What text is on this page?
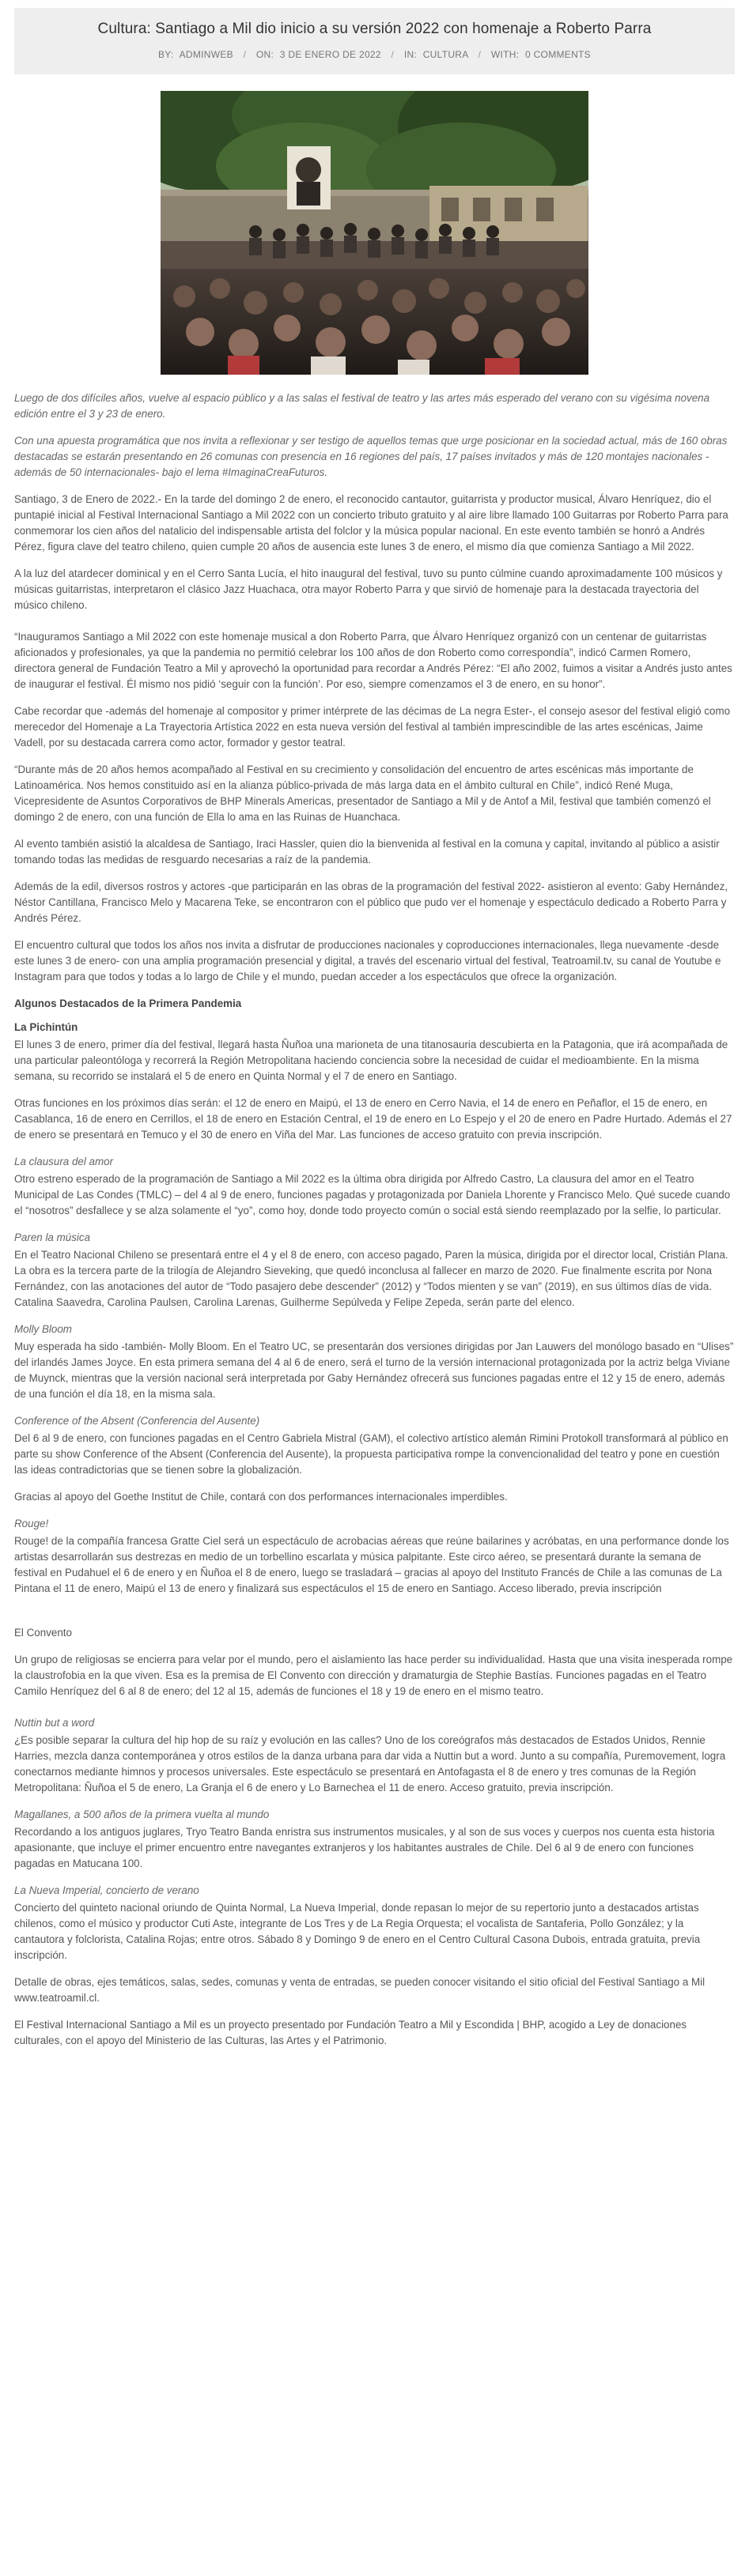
Cultura: Santiago a Mil dio inicio a su versión 2022 con homenaje a Roberto Parra
BY: ADMINWEB / ON: 3 DE ENERO DE 2022 / IN: CULTURA / WITH: 0 COMMENTS

Luego de dos difíciles años, vuelve al espacio público y a las salas el festival de teatro y las artes más esperado del verano con su vigésima novena edición entre el 3 y 23 de enero.

Con una apuesta programática que nos invita a reflexionar y ser testigo de aquellos temas que urge posicionar en la sociedad actual, más de 160 obras destacadas se estarán presentando en 26 comunas con presencia en 16 regiones del país, 17 países invitados y más de 120 montajes nacionales -además de 50 internacionales- bajo el lema #ImaginaCreaFuturos.

Santiago, 3 de Enero de 2022.- En la tarde del domingo 2 de enero, el reconocido cantautor, guitarrista y productor musical, Álvaro Henríquez, dio el puntapié inicial al Festival Internacional Santiago a Mil 2022 con un concierto tributo gratuito y al aire libre llamado 100 Guitarras por Roberto Parra para conmemorar los cien años del natalicio del indispensable artista del folclor y la música popular nacional. En este evento también se honró a Andrés Pérez, figura clave del teatro chileno, quien cumple 20 años de ausencia este lunes 3 de enero, el mismo día que comienza Santiago a Mil 2022.

A la luz del atardecer dominical y en el Cerro Santa Lucía, el hito inaugural del festival, tuvo su punto cúlmine cuando aproximadamente 100 músicos y músicas guitarristas, interpretaron el clásico Jazz Huachaca, otra mayor Roberto Parra y que sirvió de homenaje para la destacada trayectoria del músico chileno.

“Inauguramos Santiago a Mil 2022 con este homenaje musical a don Roberto Parra, que Álvaro Henríquez organizó con un centenar de guitarristas aficionados y profesionales, ya que la pandemia no permitió celebrar los 100 años de don Roberto como correspondía”, indicó Carmen Romero, directora general de Fundación Teatro a Mil y aprovechó la oportunidad para recordar a Andrés Pérez: “El año 2002, fuimos a visitar a Andrés justo antes de inaugurar el festival. Él mismo nos pidió ‘seguir con la función’. Por eso, siempre comenzamos el 3 de enero, en su honor”.

Cabe recordar que -además del homenaje al compositor y primer intérprete de las décimas de La negra Ester-, el consejo asesor del festival eligió como merecedor del Homenaje a La Trayectoria Artística 2022 en esta nueva versión del festival al también imprescindible de las artes escénicas, Jaime Vadell, por su destacada carrera como actor, formador y gestor teatral.

“Durante más de 20 años hemos acompañado al Festival en su crecimiento y consolidación del encuentro de artes escénicas más importante de Latinoamérica. Nos hemos constituido así en la alianza público-privada de más larga data en el ámbito cultural en Chile”, indicó René Muga, Vicepresidente de Asuntos Corporativos de BHP Minerals Americas, presentador de Santiago a Mil y de Antof a Mil, festival que también comenzó el domingo 2 de enero, con una función de Ella lo ama en las Ruinas de Huanchaca.

Al evento también asistió la alcaldesa de Santiago, Iraci Hassler, quien dio la bienvenida al festival en la comuna y capital, invitando al público a asistir tomando todas las medidas de resguardo necesarias a raíz de la pandemia.

Además de la edil, diversos rostros y actores -que participarán en las obras de la programación del festival 2022- asistieron al evento: Gaby Hernández, Néstor Cantillana, Francisco Melo y Macarena Teke, se encontraron con el público que pudo ver el homenaje y espectáculo dedicado a Roberto Parra y Andrés Pérez.

El encuentro cultural que todos los años nos invita a disfrutar de producciones nacionales y coproducciones internacionales, llega nuevamente -desde este lunes 3 de enero- con una amplia programación presencial y digital, a través del escenario virtual del festival, Teatroamil.tv, su canal de Youtube e Instagram para que todos y todas a lo largo de Chile y el mundo, puedan acceder a los espectáculos que ofrece la organización.

Algunos Destacados de la Primera Pandemia
La Pichintún

El lunes 3 de enero, primer día del festival, llegará hasta Ñuñoa una marioneta de una titanosauria descubierta en la Patagonia, que irá acompañada de una particular paleontóloga y recorrerá la Región Metropolitana haciendo conciencia sobre la necesidad de cuidar el medioambiente. En la misma semana, su recorrido se instalará el 5 de enero en Quinta Normal y el 7 de enero en Santiago.

Otras funciones en los próximos días serán: el 12 de enero en Maipú, el 13 de enero en Cerro Navia, el 14 de enero en Peñaflor, el 15 de enero, en Casablanca, 16 de enero en Cerrillos, el 18 de enero en Estación Central, el 19 de enero en Lo Espejo y el 20 de enero en Padre Hurtado. Además el 27 de enero se presentará en Temuco y el 30 de enero en Viña del Mar. Las funciones de acceso gratuito con previa inscripción.

La clausura del amor

Otro estreno esperado de la programación de Santiago a Mil 2022 es la última obra dirigida por Alfredo Castro, La clausura del amor en el Teatro Municipal de Las Condes (TMLC) – del 4 al 9 de enero, funciones pagadas y protagonizada por Daniela Lhorente y Francisco Melo. Qué sucede cuando el “nosotros” desfallece y se alza solamente el “yo”, como hoy, donde todo proyecto común o social está siendo reemplazado por la selfie, lo particular.

Paren la música

En el Teatro Nacional Chileno se presentará entre el 4 y el 8 de enero, con acceso pagado, Paren la música, dirigida por el director local, Cristián Plana. La obra es la tercera parte de la trilogía de Alejandro Sieveking, que quedó inconclusa al fallecer en marzo de 2020. Fue finalmente escrita por Nona Fernández, con las anotaciones del autor de “Todo pasajero debe descender” (2012) y “Todos mienten y se van” (2019), en sus últimos días de vida. Catalina Saavedra, Carolina Paulsen, Carolina Larenas, Guilherme Sepúlveda y Felipe Zepeda, serán parte del elenco.

Molly Bloom

Muy esperada ha sido -también- Molly Bloom. En el Teatro UC, se presentarán dos versiones dirigidas por Jan Lauwers del monólogo basado en “Ulises” del irlandés James Joyce. En esta primera semana del 4 al 6 de enero, será el turno de la versión internacional protagonizada por la actriz belga Viviane de Muynck, mientras que la versión nacional será interpretada por Gaby Hernández ofrecerá sus funciones pagadas entre el 12 y 15 de enero, además de una función el día 18, en la misma sala.

Conference of the Absent (Conferencia del Ausente)

Del 6 al 9 de enero, con funciones pagadas en el Centro Gabriela Mistral (GAM), el colectivo artístico alemán Rimini Protokoll transformará al público en parte su show Conference of the Absent (Conferencia del Ausente), la propuesta participativa rompe la convencionalidad del teatro y pone en cuestión las ideas contradictorias que se tienen sobre la globalización.

Gracias al apoyo del Goethe Institut de Chile, contará con dos performances internacionales imperdibles.

Rouge!

Rouge! de la compañía francesa Gratte Ciel será un espectáculo de acrobacias aéreas que reúne bailarines y acróbatas, en una performance donde los artistas desarrollarán sus destrezas en medio de un torbellino escarlata y música palpitante. Este circo aéreo, se presentará durante la semana de festival en Pudahuel el 6 de enero y en Ñuñoa el 8 de enero, luego se trasladará – gracias al apoyo del Instituto Francés de Chile a las comunas de La Pintana el 11 de enero, Maipú el 13 de enero y finalizará sus espectáculos el 15 de enero en Santiago. Acceso liberado, previa inscripción

El Convento

Un grupo de religiosas se encierra para velar por el mundo, pero el aislamiento las hace perder su individualidad. Hasta que una visita inesperada rompe la claustrofobia en la que viven. Esa es la premisa de El Convento con dirección y dramaturgia de Stephie Bastías. Funciones pagadas en el Teatro Camilo Henríquez del 6 al 8 de enero; del 12 al 15, además de funciones el 18 y 19 de enero en el mismo teatro.

Nuttin but a word

¿Es posible separar la cultura del hip hop de su raíz y evolución en las calles? Uno de los coreógrafos más destacados de Estados Unidos, Rennie Harries, mezcla danza contemporánea y otros estilos de la danza urbana para dar vida a Nuttin but a word. Junto a su compañía, Puremovement, logra conectarnos mediante himnos y procesos universales. Este espectáculo se presentará en Antofagasta el 8 de enero y tres comunas de la Región Metropolitana: Ñuñoa el 5 de enero, La Granja el 6 de enero y Lo Barnechea el 11 de enero. Acceso gratuito, previa inscripción.

Magallanes, a 500 años de la primera vuelta al mundo

Recordando a los antiguos juglares, Tryo Teatro Banda enristra sus instrumentos musicales, y al son de sus voces y cuerpos nos cuenta esta historia apasionante, que incluye el primer encuentro entre navegantes extranjeros y los habitantes australes de Chile. Del 6 al 9 de enero con funciones pagadas en Matucana 100.

La Nueva Imperial, concierto de verano

Concierto del quinteto nacional oriundo de Quinta Normal, La Nueva Imperial, donde repasan lo mejor de su repertorio junto a destacados artistas chilenos, como el músico y productor Cuti Aste, integrante de Los Tres y de La Regia Orquesta; el vocalista de Santaferia, Pollo González; y la cantautora y folclorista, Catalina Rojas; entre otros. Sábado 8 y Domingo 9 de enero en el Centro Cultural Casona Dubois, entrada gratuita, previa inscripción.

Detalle de obras, ejes temáticos, salas, sedes, comunas y venta de entradas, se pueden conocer visitando el sitio oficial del Festival Santiago a Mil www.teatroamil.cl.

El Festival Internacional Santiago a Mil es un proyecto presentado por Fundación Teatro a Mil y Escondida | BHP, acogido a Ley de donaciones culturales, con el apoyo del Ministerio de las Culturas, las Artes y el Patrimonio.
